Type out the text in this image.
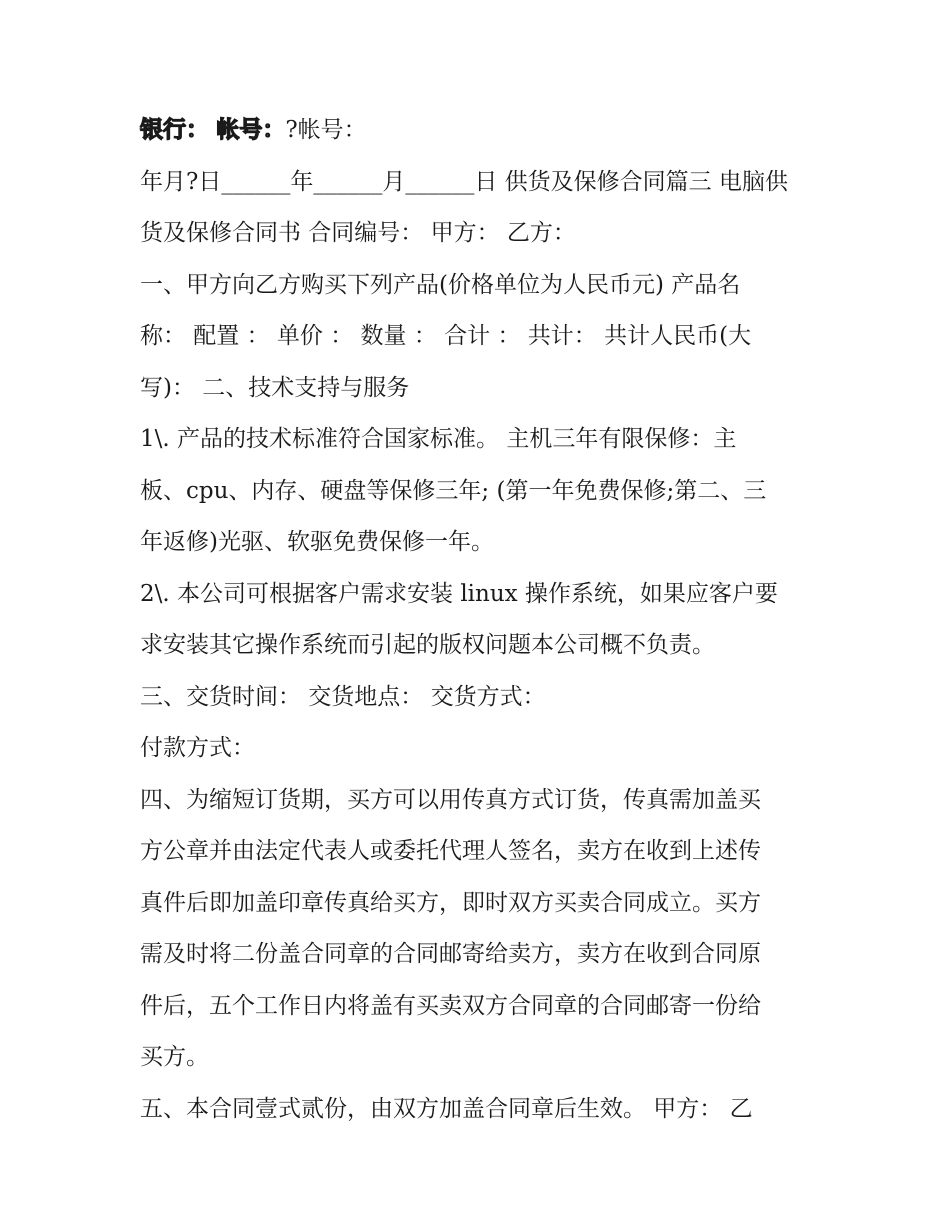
银行： 帐号：?帐号：
年月?日______年______月______日 供货及保修合同篇三 电脑供
货及保修合同书 合同编号： 甲方： 乙方：
一、甲方向乙方购买下列产品(价格单位为人民币元) 产品名
称： 配置 ： 单价 ： 数量 ： 合计 ： 共计： 共计人民币(大
写)： 二、技术支持与服务
1\. 产品的技术标准符合国家标准。 主机三年有限保修：主
板、cpu、内存、硬盘等保修三年; (第一年免费保修;第二、三
年返修)光驱、软驱免费保修一年。
2\. 本公司可根据客户需求安装 linux 操作系统，如果应客户要
求安装其它操作系统而引起的版权问题本公司概不负责。
三、交货时间： 交货地点： 交货方式：
付款方式：
四、为缩短订货期，买方可以用传真方式订货，传真需加盖买
方公章并由法定代表人或委托代理人签名，卖方在收到上述传
真件后即加盖印章传真给买方，即时双方买卖合同成立。买方
需及时将二份盖合同章的合同邮寄给卖方，卖方在收到合同原
件后，五个工作日内将盖有买卖双方合同章的合同邮寄一份给
买方。
五、本合同壹式贰份，由双方加盖合同章后生效。 甲方： 乙
